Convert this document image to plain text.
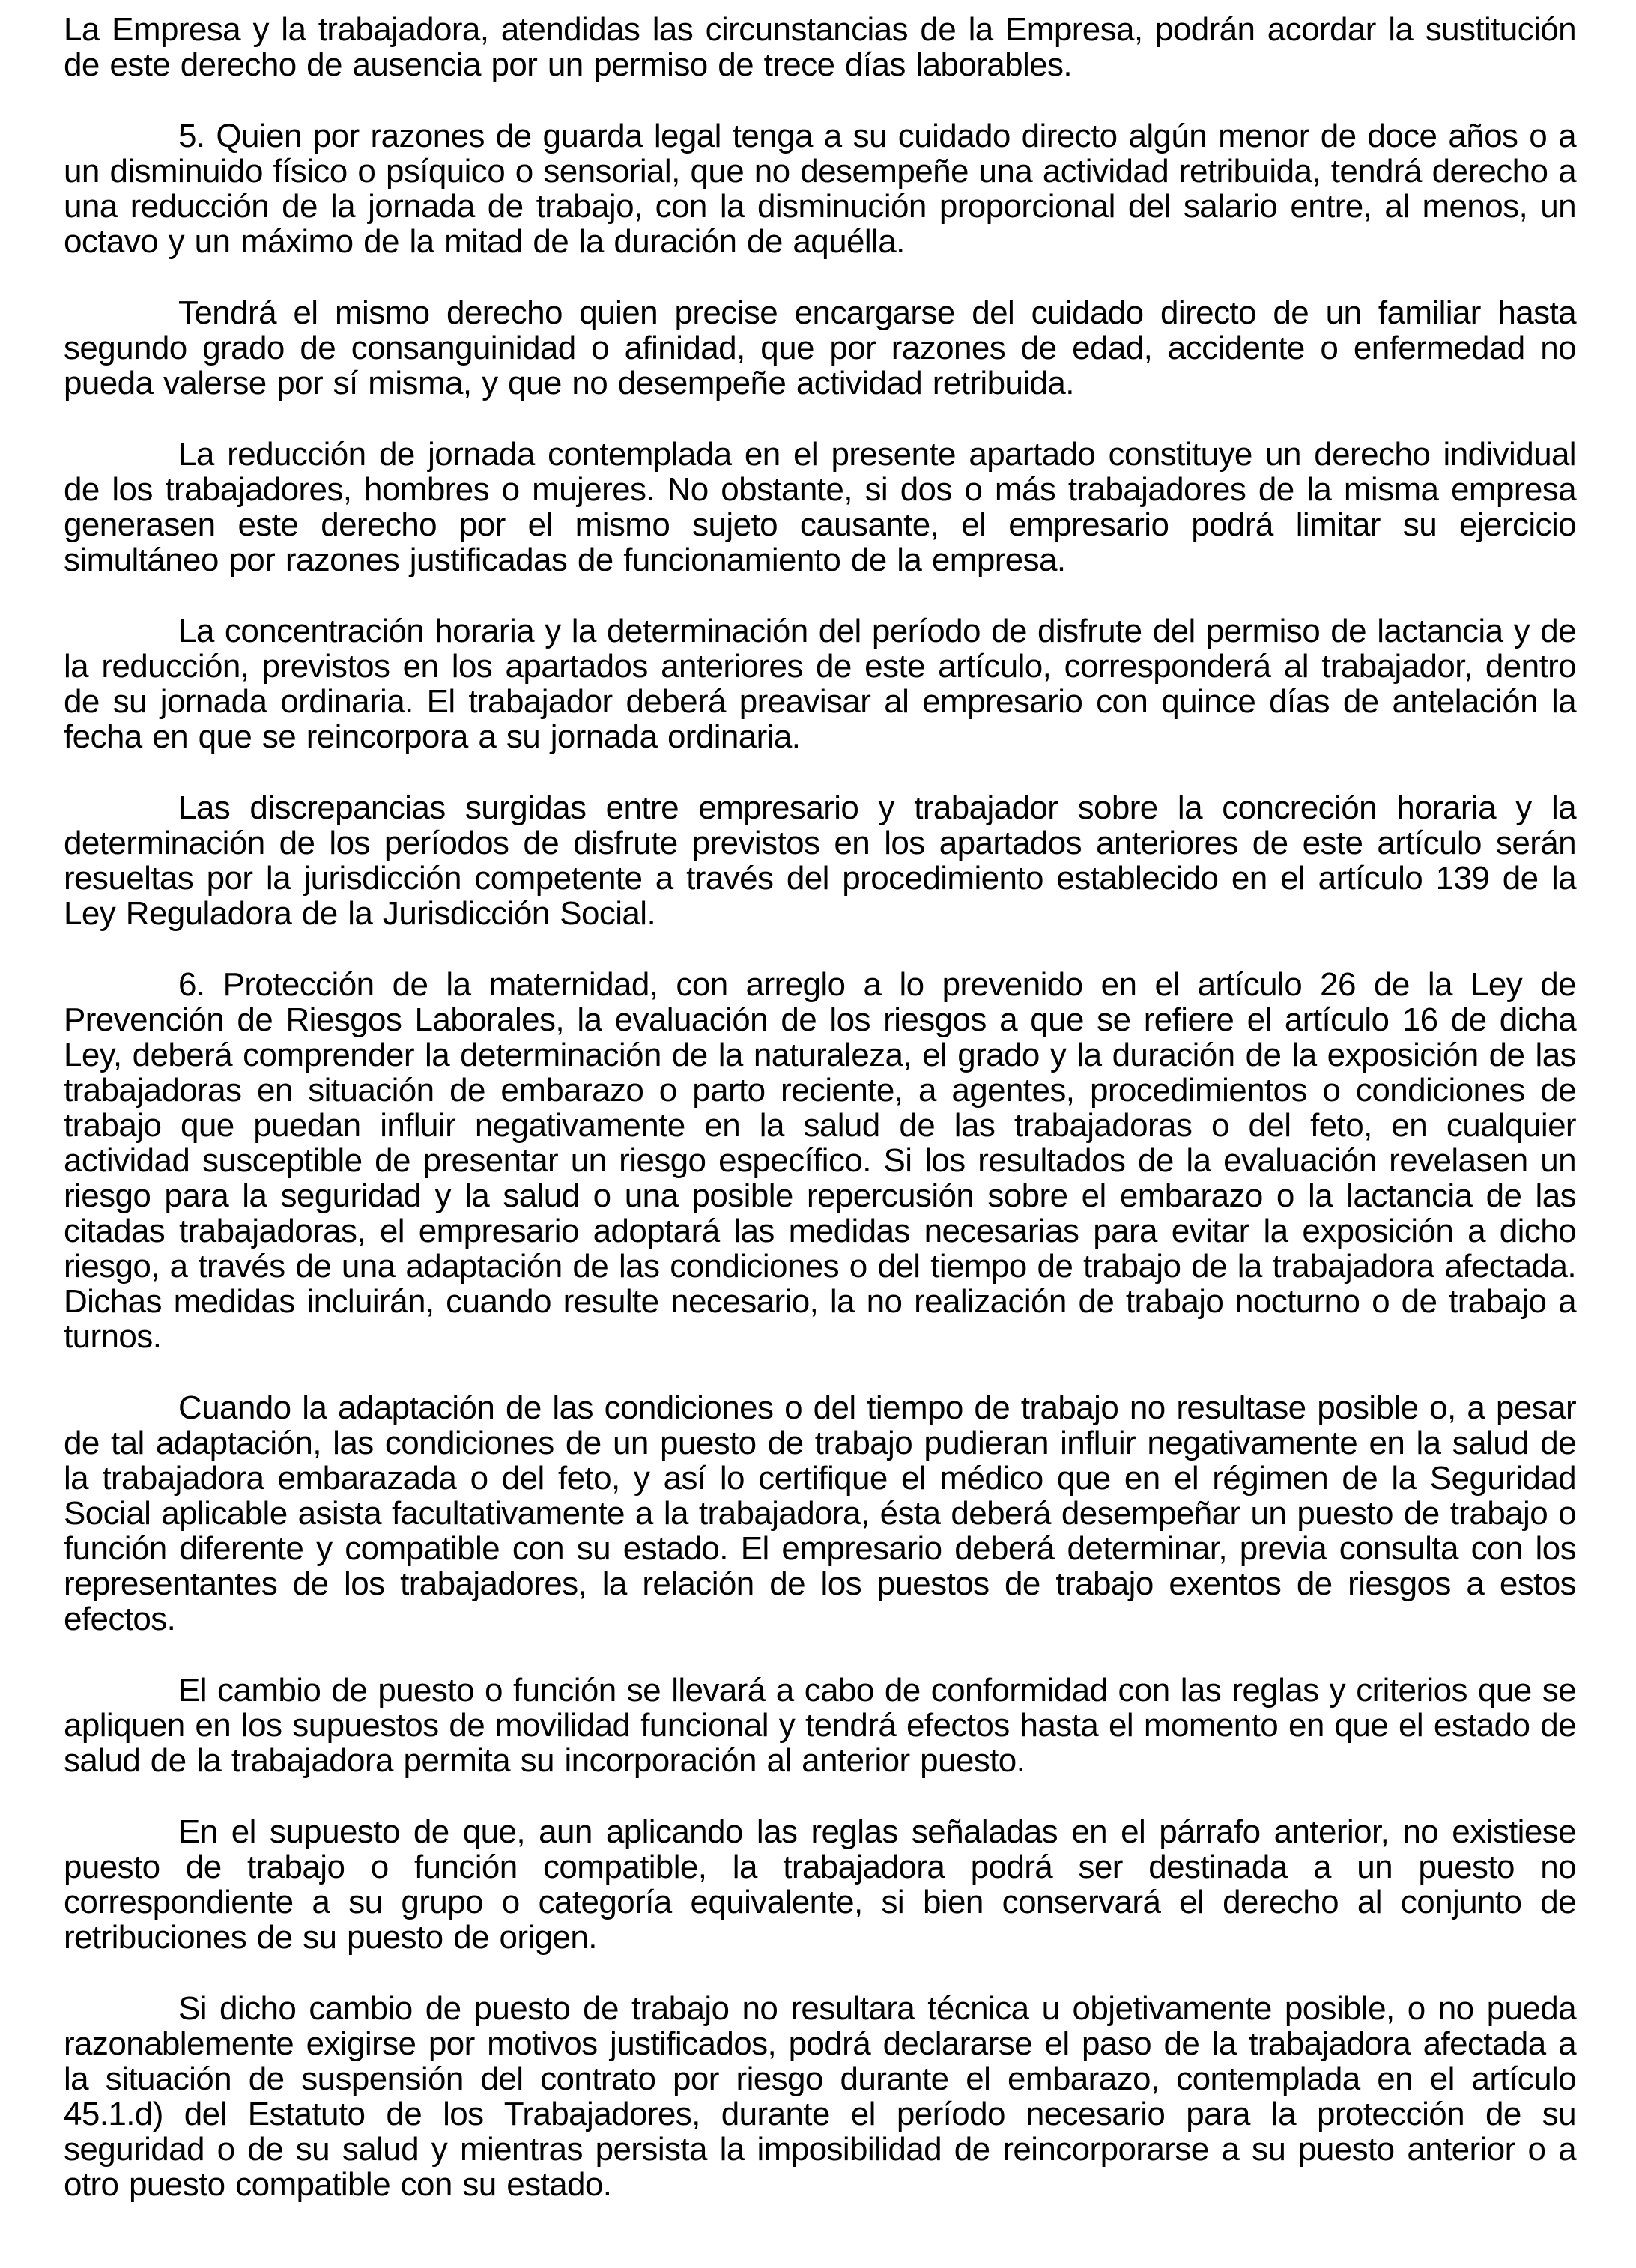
La Empresa y la trabajadora, atendidas las circunstancias de la Empresa, podrán acordar la sustitución de este derecho de ausencia por un permiso de trece días laborables.

5. Quien por razones de guarda legal tenga a su cuidado directo algún menor de doce años o a un disminuido físico o psíquico o sensorial, que no desempeñe una actividad retribuida, tendrá derecho a una reducción de la jornada de trabajo, con la disminución proporcional del salario entre, al menos, un octavo y un máximo de la mitad de la duración de aquélla.

Tendrá el mismo derecho quien precise encargarse del cuidado directo de un familiar hasta segundo grado de consanguinidad o afinidad, que por razones de edad, accidente o enfermedad no pueda valerse por sí misma, y que no desempeñe actividad retribuida.

La reducción de jornada contemplada en el presente apartado constituye un derecho individual de los trabajadores, hombres o mujeres. No obstante, si dos o más trabajadores de la misma empresa generasen este derecho por el mismo sujeto causante, el empresario podrá limitar su ejercicio simultáneo por razones justificadas de funcionamiento de la empresa.

La concentración horaria y la determinación del período de disfrute del permiso de lactancia y de la reducción, previstos en los apartados anteriores de este artículo, corresponderá al trabajador, dentro de su jornada ordinaria. El trabajador deberá preavisar al empresario con quince días de antelación la fecha en que se reincorpora a su jornada ordinaria.

Las discrepancias surgidas entre empresario y trabajador sobre la concreción horaria y la determinación de los períodos de disfrute previstos en los apartados anteriores de este artículo serán resueltas por la jurisdicción competente a través del procedimiento establecido en el artículo 139 de la Ley Reguladora de la Jurisdicción Social.

6. Protección de la maternidad, con arreglo a lo prevenido en el artículo 26 de la Ley de Prevención de Riesgos Laborales, la evaluación de los riesgos a que se refiere el artículo 16 de dicha Ley, deberá comprender la determinación de la naturaleza, el grado y la duración de la exposición de las trabajadoras en situación de embarazo o parto reciente, a agentes, procedimientos o condiciones de trabajo que puedan influir negativamente en la salud de las trabajadoras o del feto, en cualquier actividad susceptible de presentar un riesgo específico. Si los resultados de la evaluación revelasen un riesgo para la seguridad y la salud o una posible repercusión sobre el embarazo o la lactancia de las citadas trabajadoras, el empresario adoptará las medidas necesarias para evitar la exposición a dicho riesgo, a través de una adaptación de las condiciones o del tiempo de trabajo de la trabajadora afectada. Dichas medidas incluirán, cuando resulte necesario, la no realización de trabajo nocturno o de trabajo a turnos.

Cuando la adaptación de las condiciones o del tiempo de trabajo no resultase posible o, a pesar de tal adaptación, las condiciones de un puesto de trabajo pudieran influir negativamente en la salud de la trabajadora embarazada o del feto, y así lo certifique el médico que en el régimen de la Seguridad Social aplicable asista facultativamente a la trabajadora, ésta deberá desempeñar un puesto de trabajo o función diferente y compatible con su estado. El empresario deberá determinar, previa consulta con los representantes de los trabajadores, la relación de los puestos de trabajo exentos de riesgos a estos efectos.

El cambio de puesto o función se llevará a cabo de conformidad con las reglas y criterios que se apliquen en los supuestos de movilidad funcional y tendrá efectos hasta el momento en que el estado de salud de la trabajadora permita su incorporación al anterior puesto.

En el supuesto de que, aun aplicando las reglas señaladas en el párrafo anterior, no existiese puesto de trabajo o función compatible, la trabajadora podrá ser destinada a un puesto no correspondiente a su grupo o categoría equivalente, si bien conservará el derecho al conjunto de retribuciones de su puesto de origen.

Si dicho cambio de puesto de trabajo no resultara técnica u objetivamente posible, o no pueda razonablemente exigirse por motivos justificados, podrá declararse el paso de la trabajadora afectada a la situación de suspensión del contrato por riesgo durante el embarazo, contemplada en el artículo 45.1.d) del Estatuto de los Trabajadores, durante el período necesario para la protección de su seguridad o de su salud y mientras persista la imposibilidad de reincorporarse a su puesto anterior o a otro puesto compatible con su estado.
